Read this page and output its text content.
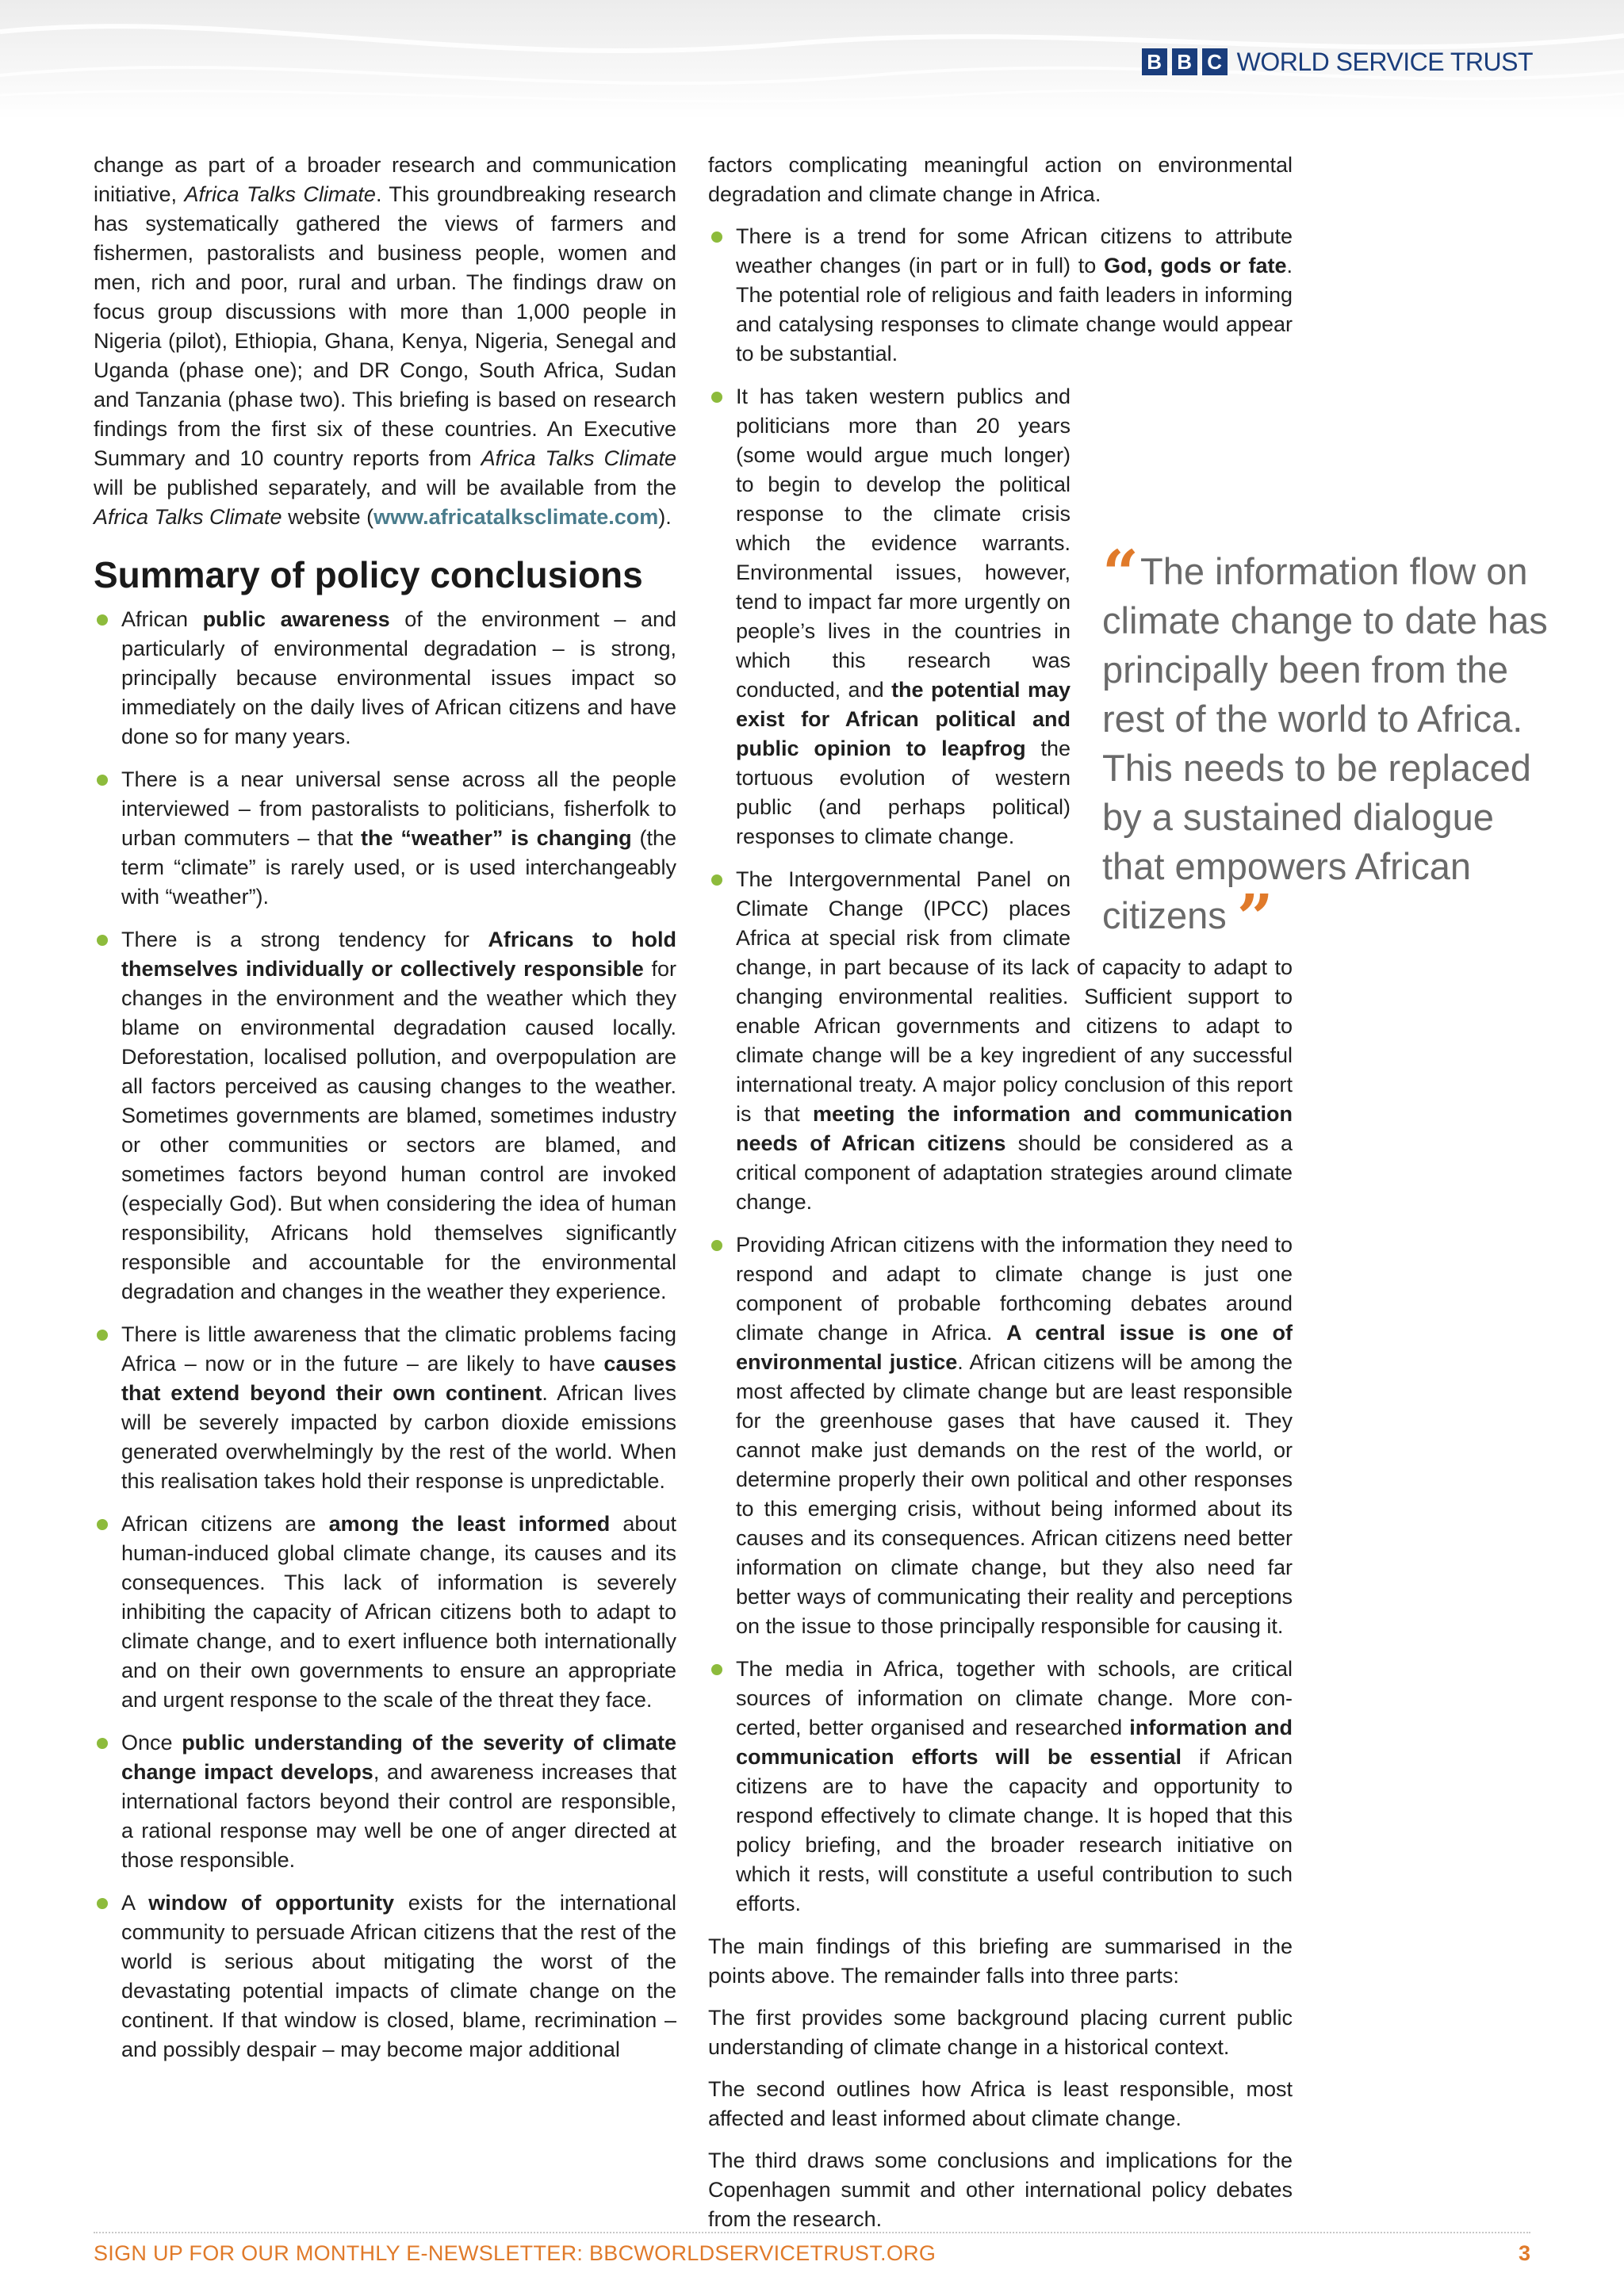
B B C WORLD SERVICE TRUST

change as part of a broader research and communication initiative, Africa Talks Climate. This groundbreaking research has systematically gathered the views of farmers and fishermen, pastoralists and business people, women and men, rich and poor, rural and urban. The findings draw on focus group discussions with more than 1,000 people in Nigeria (pilot), Ethiopia, Ghana, Kenya, Nigeria, Senegal and Uganda (phase one); and DR Congo, South Africa, Sudan and Tanzania (phase two). This briefing is based on research findings from the first six of these countries. An Executive Summary and 10 country reports from Africa Talks Climate will be published separately, and will be available from the Africa Talks Climate website (www.africatalksclimate.com).

Summary of policy conclusions
African public awareness of the environment – and particularly of environmental degradation – is strong, principally because environmental issues impact so immediately on the daily lives of African citizens and have done so for many years.
There is a near universal sense across all the people interviewed – from pastoralists to politicians, fisherfolk to urban commuters – that the “weather” is changing (the term “climate” is rarely used, or is used interchangeably with “weather”).
There is a strong tendency for Africans to hold themselves individually or collectively responsible for changes in the environment and the weather which they blame on environmental degradation caused locally. Deforestation, localised pollution, and overpopulation are all factors perceived as causing changes to the weather. Sometimes governments are blamed, sometimes industry or other communities or sectors are blamed, and sometimes factors beyond human control are invoked (especially God). But when considering the idea of human responsibility, Africans hold themselves significantly responsible and accountable for the environmental degradation and changes in the weather they experience.
There is little awareness that the climatic problems facing Africa – now or in the future – are likely to have causes that extend beyond their own continent. African lives will be severely impacted by carbon dioxide emissions generated overwhelmingly by the rest of the world. When this realisation takes hold their response is unpredictable.
African citizens are among the least informed about human-induced global climate change, its causes and its consequences. This lack of information is severely inhibiting the capacity of African citizens both to adapt to climate change, and to exert influence both internationally and on their own governments to ensure an appropriate and urgent response to the scale of the threat they face.
Once public understanding of the severity of climate change impact develops, and awareness increases that international factors beyond their control are responsible, a rational response may well be one of anger directed at those responsible.
A window of opportunity exists for the international community to persuade African citizens that the rest of the world is serious about mitigating the worst of the devastating potential impacts of climate change on the continent. If that window is closed, blame, recrimination – and possibly despair – may become major additional

factors complicating meaningful action on environmental degradation and climate change in Africa.

There is a trend for some African citizens to attribute weather changes (in part or in full) to God, gods or fate. The potential role of religious and faith leaders in informing and catalysing responses to climate change would appear to be substantial.
It has taken western publics and politicians more than 20 years (some would argue much longer) to begin to develop the political response to the climate crisis which the evidence warrants. Environmental issues, however, tend to impact far more urgently on people’s lives in the countries in which this research was conducted, and the potential may exist for African political and public opinion to leapfrog the tortuous evolution of western public (and perhaps political) responses to climate change.
The Intergovernmental Panel on Climate Change (IPCC) places Africa at special risk from climate change, in part because of its lack of capacity to adapt to changing environmental realities. Sufficient support to enable African governments and citizens to adapt to climate change will be a key ingredient of any successful international treaty. A major policy conclusion of this report is that meeting the information and communication needs of African citizens should be considered as a critical component of adaptation strategies around climate change.
Providing African citizens with the information they need to respond and adapt to climate change is just one component of probable forthcoming debates around climate change in Africa. A central issue is one of environmental justice. African citizens will be among the most affected by climate change but are least responsible for the greenhouse gases that have caused it. They cannot make just demands on the rest of the world, or determine properly their own political and other responses to this emerging crisis, without being informed about its causes and its consequences. African citizens need better information on climate change, but they also need far better ways of communicating their reality and perceptions on the issue to those principally responsible for causing it.
The media in Africa, together with schools, are critical sources of information on climate change. More concerted, better organised and researched information and communication efforts will be essential if African citizens are to have the capacity and opportunity to respond effectively to climate change. It is hoped that this policy briefing, and the broader research initiative on which it rests, will constitute a useful contribution to such efforts.

The main findings of this briefing are summarised in the points above. The remainder falls into three parts:

The first provides some background placing current public understanding of climate change in a historical context.

The second outlines how Africa is least responsible, most affected and least informed about climate change.

The third draws some conclusions and implications for the Copenhagen summit and other international policy debates from the research.

“The information flow on climate change to date has principally been from the rest of the world to Africa. This needs to be replaced by a sustained dialogue that empowers African citizens ”
SIGN UP FOR OUR MONTHLY E-NEWSLETTER: BBCWORLDSERVICETRUST.ORG	3
